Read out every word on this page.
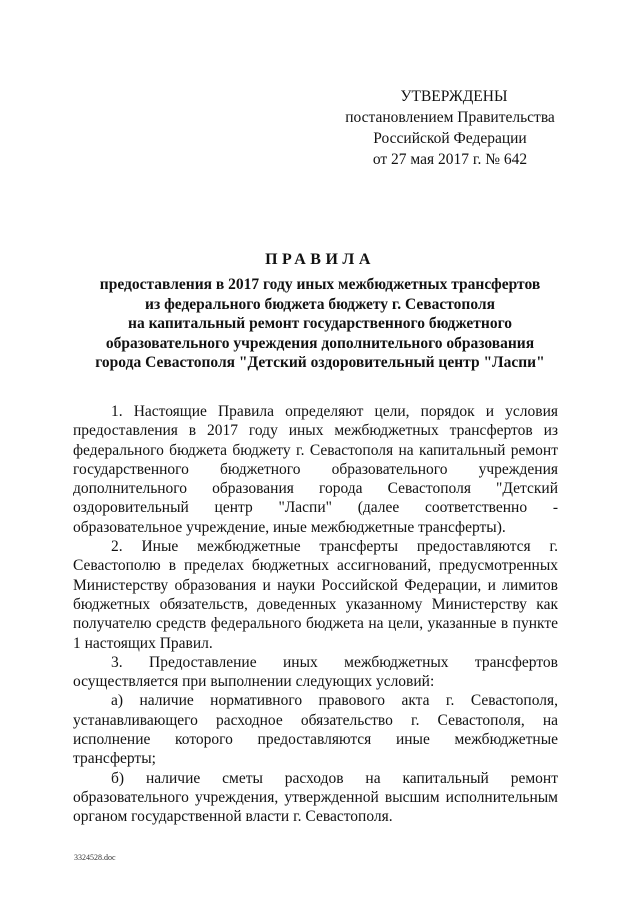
УТВЕРЖДЕНЫ
постановлением Правительства
Российской Федерации
от 27 мая 2017 г. № 642
ПРАВИЛА
предоставления в 2017 году иных межбюджетных трансфертов
из федерального бюджета бюджету г. Севастополя
на капитальный ремонт государственного бюджетного
образовательного учреждения дополнительного образования
города Севастополя "Детский оздоровительный центр "Ласпи"

1. Настоящие Правила определяют цели, порядок и условия предоставления в 2017 году иных межбюджетных трансфертов из федерального бюджета бюджету г. Севастополя на капитальный ремонт государственного бюджетного образовательного учреждения дополнительного образования города Севастополя "Детский оздоровительный центр "Ласпи" (далее соответственно - образовательное учреждение, иные межбюджетные трансферты).

2. Иные межбюджетные трансферты предоставляются г. Севастополю в пределах бюджетных ассигнований, предусмотренных Министерству образования и науки Российской Федерации, и лимитов бюджетных обязательств, доведенных указанному Министерству как получателю средств федерального бюджета на цели, указанные в пункте 1 настоящих Правил.

3. Предоставление иных межбюджетных трансфертов осуществляется при выполнении следующих условий:

а) наличие нормативного правового акта г. Севастополя, устанавливающего расходное обязательство г. Севастополя, на исполнение которого предоставляются иные межбюджетные трансферты;

б) наличие сметы расходов на капитальный ремонт образовательного учреждения, утвержденной высшим исполнительным органом государственной власти г. Севастополя.

3324528.doc
